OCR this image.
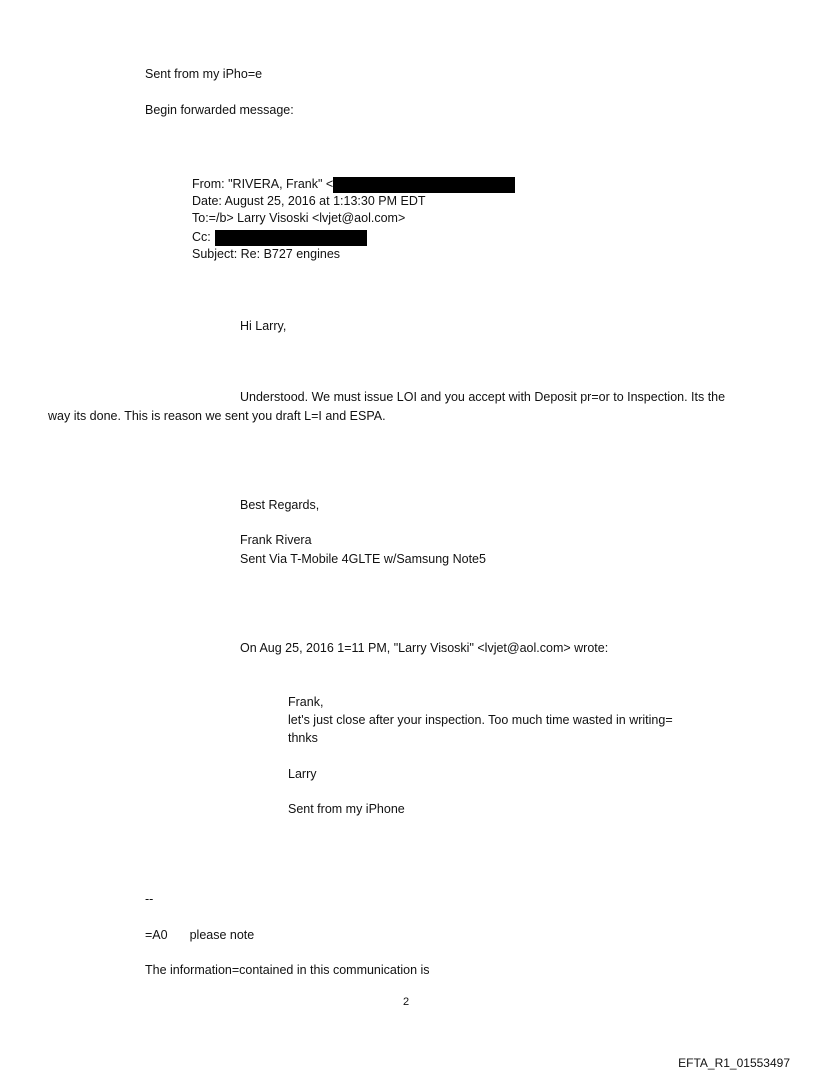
Sent from my iPho=e
Begin forwarded message:
From: "RIVERA, Frank" <
Date: August 25, 2016 at 1:13:30 PM EDT
To:=/b> Larry Visoski <lvjet@aol.com>
Cc:
Subject: Re: B727 engines
Hi Larry,
Understood. We must issue LOI and you accept with Deposit pr=or to Inspection. Its the
way its done. This is reason we sent you draft L=I and ESPA.
Best Regards,
Frank Rivera
Sent Via T-Mobile 4GLTE w/Samsung Note5
On Aug 25, 2016 1=11 PM, "Larry Visoski" <lvjet@aol.com> wrote:
Frank,
let's just close after your inspection. Too much time wasted in writing=
thnks
Larry
Sent from my iPhone
--
=A0 please note
The information=contained in this communication is
2
EFTA_R1_01553497
